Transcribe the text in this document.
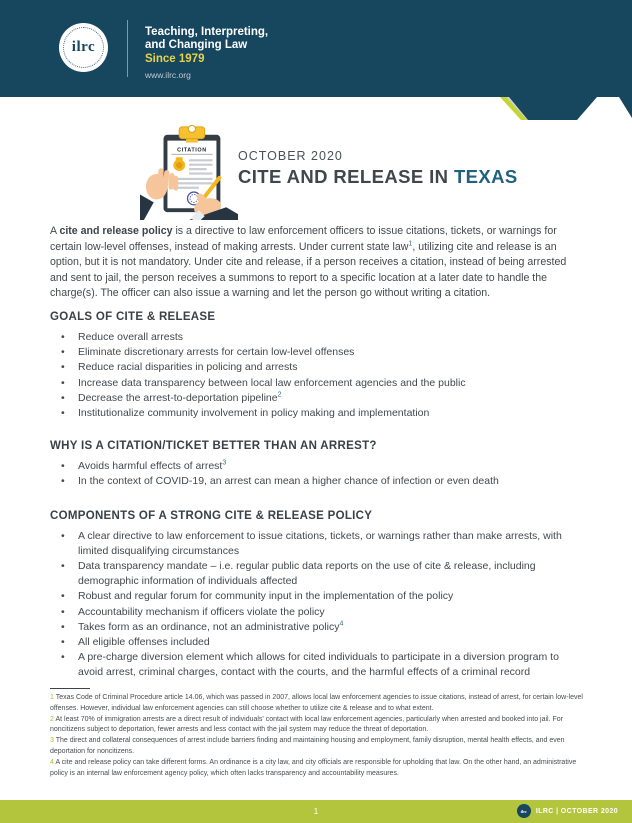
ilrc
Teaching, Interpreting,
and Changing Law
Since 1979
www.ilrc.org
CITATION OCTOBER 2020
CITE AND RELEASE IN TEXAS

A cite and release policy is a directive to law enforcement officers to issue citations, tickets, or warnings for certain low-level offenses, instead of making arrests. Under current state law$^1$, utilizing cite and release is an option, but it is not mandatory. Under cite and release, if a person receives a citation, instead of being arrested and sent to jail, the person receives a summons to report to a specific location at a later date to handle the charge(s). The officer can also issue a warning and let the person go without writing a citation.

GOALS OF CITE & RELEASE
• Reduce overall arrests
• Eliminate discretionary arrests for certain low-level offenses
• Reduce racial disparities in policing and arrests
• Increase data transparency between local law enforcement agencies and the public
• Decrease the arrest-to-deportation pipeline$^2$
• Institutionalize community involvement in policy making and implementation
WHY IS A CITATION/TICKET BETTER THAN AN ARREST?
• Avoids harmful effects of arrest$^3$
• In the context of COVID-19, an arrest can mean a higher chance of infection or even death
COMPONENTS OF A STRONG CITE & RELEASE POLICY
• A clear directive to law enforcement to issue citations, tickets, or warnings rather than make arrests, with limited disqualifying circumstances
• Data transparency mandate – i.e. regular public data reports on the use of cite & release, including demographic information of individuals affected
• Robust and regular forum for community input in the implementation of the policy
• Accountability mechanism if officers violate the policy
• Takes form as an ordinance, not an administrative policy$^4$
• All eligible offenses included
• A pre-charge diversion element which allows for cited individuals to participate in a diversion program to avoid arrest, criminal charges, contact with the courts, and the harmful effects of a criminal record

1 Texas Code of Criminal Procedure article 14.06, which was passed in 2007, allows local law enforcement agencies to issue citations, instead of arrest, for certain low-level offenses. However, individual law enforcement agencies can still choose whether to utilize cite & release and to what extent.

2 At least 70% of immigration arrests are a direct result of individuals' contact with local law enforcement agencies, particularly when arrested and booked into jail. For noncitizens subject to deportation, fewer arrests and less contact with the jail system may reduce the threat of deportation.

3 The direct and collateral consequences of arrest include barriers finding and maintaining housing and employment, family disruption, mental health effects, and even deportation for noncitizens.

4 A cite and release policy can take different forms. An ordinance is a city law, and city officials are responsible for upholding that law. On the other hand, an administrative policy is an internal law enforcement agency policy, which often lacks transparency and accountability measures.

1	ilrc	ILRC | OCTOBER 2020
